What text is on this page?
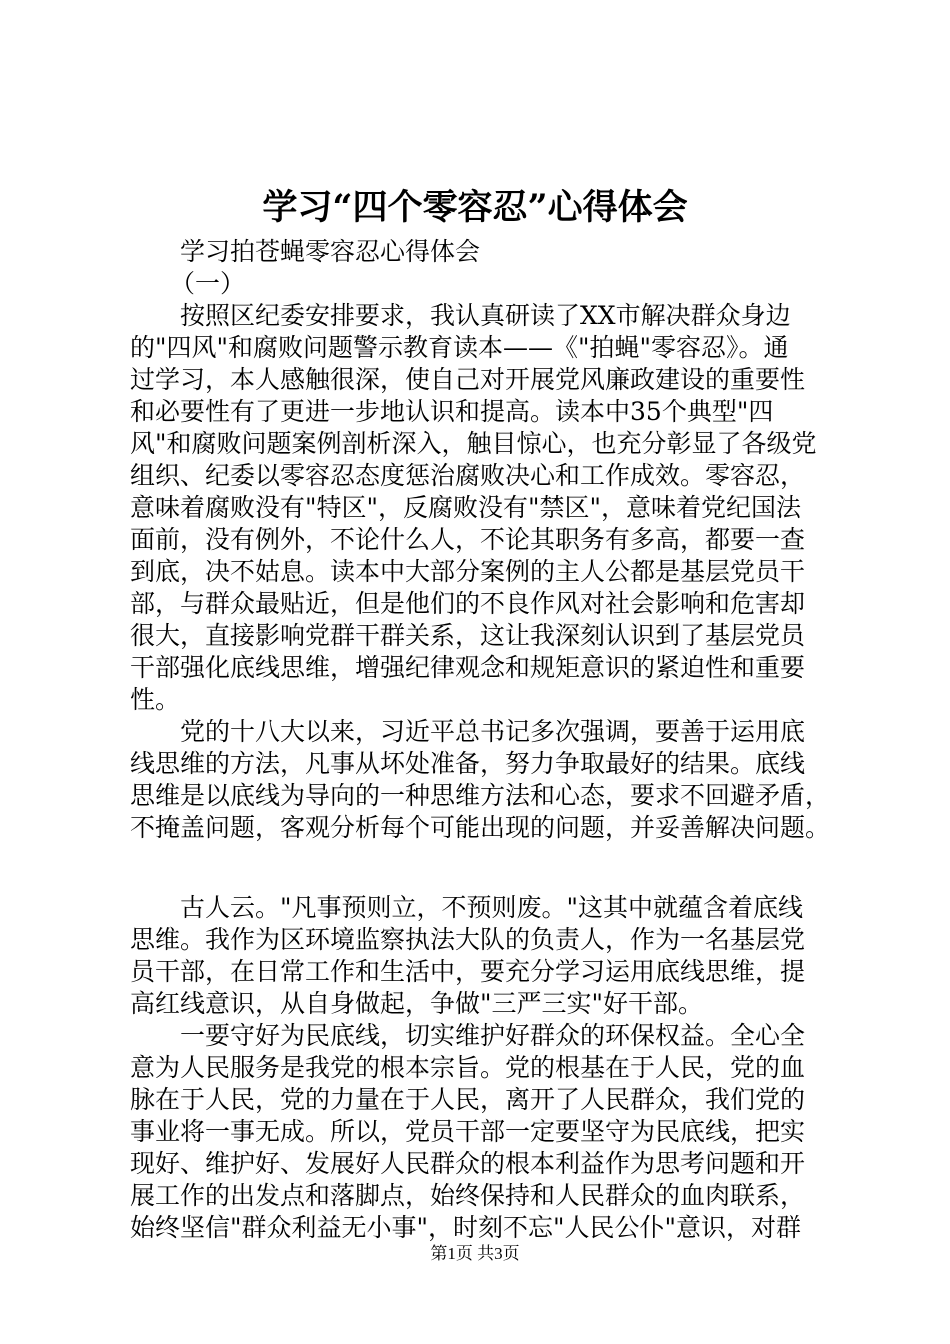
学习“四个零容忍”心得体会
学习拍苍蝇零容忍心得体会
（一）
按照区纪委安排要求，我认真研读了XX市解决群众身边
的"四风"和腐败问题警示教育读本——《"拍蝇"零容忍》。通
过学习，本人感触很深，使自己对开展党风廉政建设的重要性
和必要性有了更进一步地认识和提高。读本中35个典型"四
风"和腐败问题案例剖析深入，触目惊心，也充分彰显了各级党
组织、纪委以零容忍态度惩治腐败决心和工作成效。零容忍，
意味着腐败没有"特区"，反腐败没有"禁区"，意味着党纪国法
面前，没有例外，不论什么人，不论其职务有多高，都要一查
到底，决不姑息。读本中大部分案例的主人公都是基层党员干
部，与群众最贴近，但是他们的不良作风对社会影响和危害却
很大，直接影响党群干群关系，这让我深刻认识到了基层党员
干部强化底线思维，增强纪律观念和规矩意识的紧迫性和重要
性。
党的十八大以来，习近平总书记多次强调，要善于运用底
线思维的方法，凡事从坏处准备，努力争取最好的结果。底线
思维是以底线为导向的一种思维方法和心态，要求不回避矛盾，
不掩盖问题，客观分析每个可能出现的问题，并妥善解决问题。
古人云。"凡事预则立，不预则废。"这其中就蕴含着底线
思维。我作为区环境监察执法大队的负责人，作为一名基层党
员干部，在日常工作和生活中，要充分学习运用底线思维，提
高红线意识，从自身做起，争做"三严三实"好干部。
一要守好为民底线，切实维护好群众的环保权益。全心全
意为人民服务是我党的根本宗旨。党的根基在于人民，党的血
脉在于人民，党的力量在于人民，离开了人民群众，我们党的
事业将一事无成。所以，党员干部一定要坚守为民底线，把实
现好、维护好、发展好人民群众的根本利益作为思考问题和开
展工作的出发点和落脚点，始终保持和人民群众的血肉联系，
始终坚信"群众利益无小事"，时刻不忘"人民公仆"意识，对群
第1页 共3页
